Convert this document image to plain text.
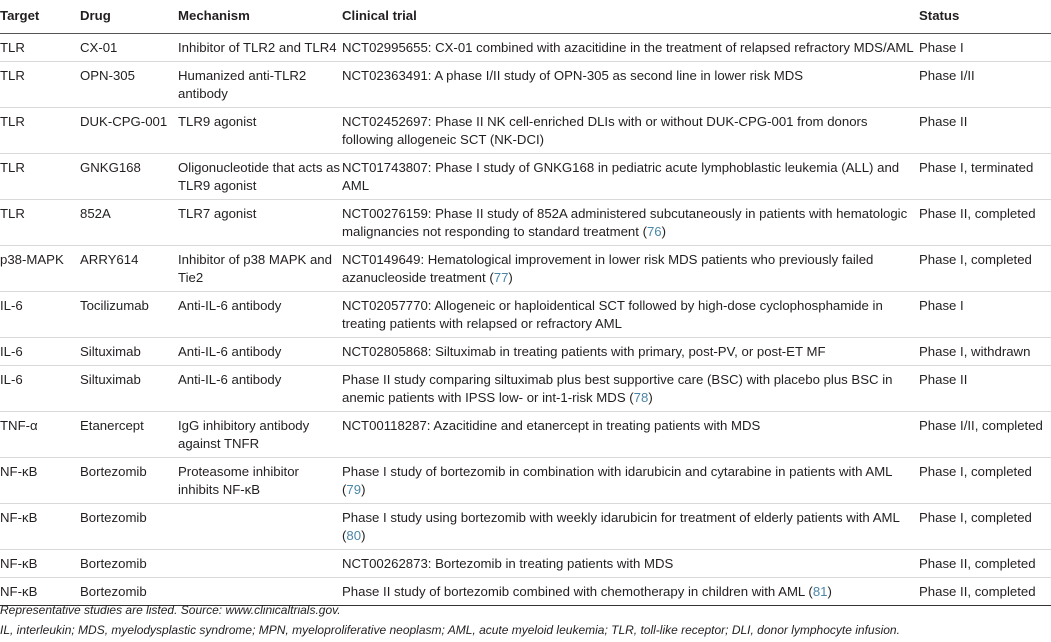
Target	Drug	Mechanism	Clinical trial	Status
TLR	CX-01	Inhibitor of TLR2 and TLR4	NCT02995655: CX-01 combined with azacitidine in the treatment of relapsed refractory MDS/AML	Phase I
TLR	OPN-305	Humanized anti-TLR2 antibody	NCT02363491: A phase I/II study of OPN-305 as second line in lower risk MDS	Phase I/II
TLR	DUK-CPG-001	TLR9 agonist	NCT02452697: Phase II NK cell-enriched DLIs with or without DUK-CPG-001 from donors following allogeneic SCT (NK-DCI)	Phase II
TLR	GNKG168	Oligonucleotide that acts as TLR9 agonist	NCT01743807: Phase I study of GNKG168 in pediatric acute lymphoblastic leukemia (ALL) and AML	Phase I, terminated
TLR	852A	TLR7 agonist	NCT00276159: Phase II study of 852A administered subcutaneously in patients with hematologic malignancies not responding to standard treatment (76)	Phase II, completed
p38-MAPK	ARRY614	Inhibitor of p38 MAPK and Tie2	NCT0149649: Hematological improvement in lower risk MDS patients who previously failed azanucleoside treatment (77)	Phase I, completed
IL-6	Tocilizumab	Anti-IL-6 antibody	NCT02057770: Allogeneic or haploidentical SCT followed by high-dose cyclophosphamide in treating patients with relapsed or refractory AML	Phase I
IL-6	Siltuximab	Anti-IL-6 antibody	NCT02805868: Siltuximab in treating patients with primary, post-PV, or post-ET MF	Phase I, withdrawn
IL-6	Siltuximab	Anti-IL-6 antibody	Phase II study comparing siltuximab plus best supportive care (BSC) with placebo plus BSC in anemic patients with IPSS low- or int-1-risk MDS (78)	Phase II
TNF-α	Etanercept	IgG inhibitory antibody against TNFR	NCT00118287: Azacitidine and etanercept in treating patients with MDS	Phase I/II, completed
NF-κB	Bortezomib	Proteasome inhibitor inhibits NF-κB	Phase I study of bortezomib in combination with idarubicin and cytarabine in patients with AML (79)	Phase I, completed
NF-κB	Bortezomib		Phase I study using bortezomib with weekly idarubicin for treatment of elderly patients with AML (80)	Phase I, completed
NF-κB	Bortezomib		NCT00262873: Bortezomib in treating patients with MDS	Phase II, completed
NF-κB	Bortezomib		Phase II study of bortezomib combined with chemotherapy in children with AML (81)	Phase II, completed
Representative studies are listed. Source: www.clinicaltrials.gov.
IL, interleukin; MDS, myelodysplastic syndrome; MPN, myeloproliferative neoplasm; AML, acute myeloid leukemia; TLR, toll-like receptor; DLI, donor lymphocyte infusion.
